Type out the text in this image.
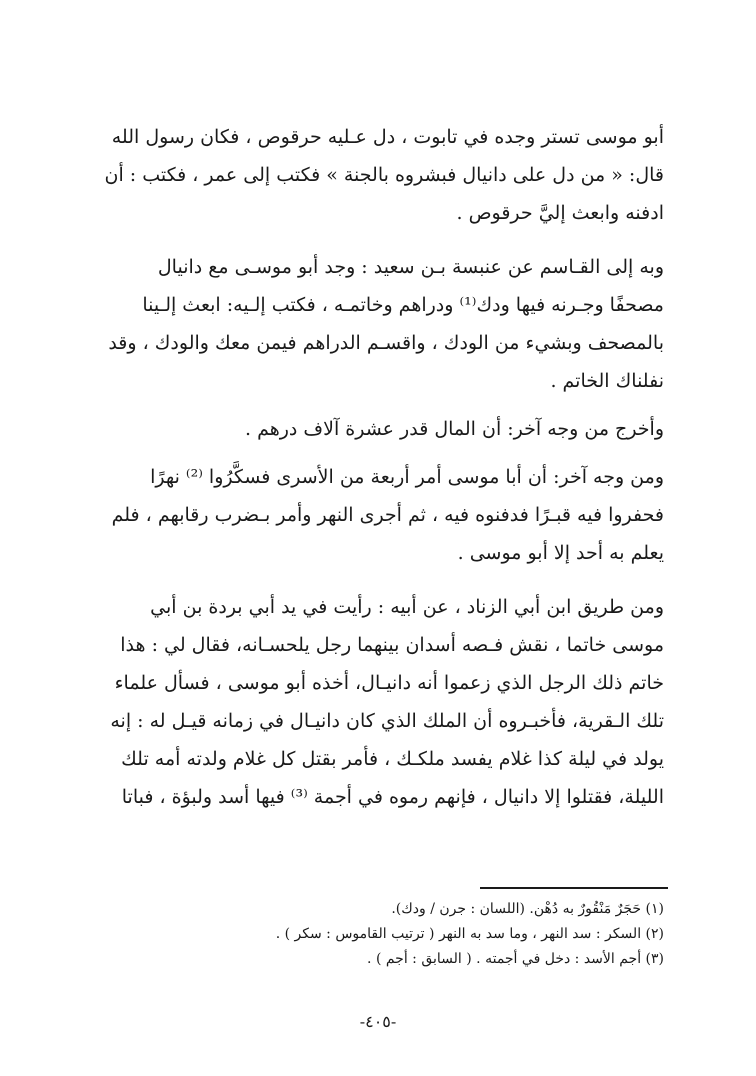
أبو موسى تستر وجده في تابوت ، دل عـليه حرقوص ، فكان رسول الله
قال: « من دل على دانيال فبشروه بالجنة » فكتب إلى عمر ، فكتب : أن
ادفنه وابعث إليَّ حرقوص .
وبه إلى القـاسم عن عنبسة بـن سعيد : وجد أبو موسـى مع دانيال
مصحفًا وجـرنه فيها ودك⁽¹⁾ ودراهم وخاتمـه ، فكتب إلـيه: ابعث إلـينا
بالمصحف وبشيء من الودك ، واقسـم الدراهم فيمن معك والودك ، وقد
نفلناك الخاتم .
وأخرج من وجه آخر: أن المال قدر عشرة آلاف درهم .
ومن وجه آخر: أن أبا موسى أمر أربعة من الأسرى فسكَّرُوا ⁽²⁾ نهرًا
فحفروا فيه قبـرًا فدفنوه فيه ، ثم أجرى النهر وأمر بـضرب رقابهم ، فلم
يعلم به أحد إلا أبو موسى .
ومن طريق ابن أبي الزناد ، عن أبيه : رأيت في يد أبي بردة بن أبي
موسى خاتما ، نقش فـصه أسدان بينهما رجل يلحسـانه، فقال لي : هذا
خاتم ذلك الرجل الذي زعموا أنه دانيـال، أخذه أبو موسى ، فسأل علماء
تلك الـقرية، فأخبـروه أن الملك الذي كان دانيـال في زمانه قيـل له : إنه
يولد في ليلة كذا غلام يفسد ملكـك ، فأمر بقتل كل غلام ولدته أمه تلك
الليلة، فقتلوا إلا دانيال ، فإنهم رموه في أجمة ⁽³⁾ فيها أسد ولبؤة ، فباتا
(١) حَجَرٌ مَنْقُورٌ به دُهْن. (اللسان : جرن / ودك).
(٢) السكر : سد النهر ، وما سد به النهر ( ترتيب القاموس : سكر ) .
(٣) أجم الأسد : دخل في أجمته . ( السابق : أجم ) .
-٤٠٥-
